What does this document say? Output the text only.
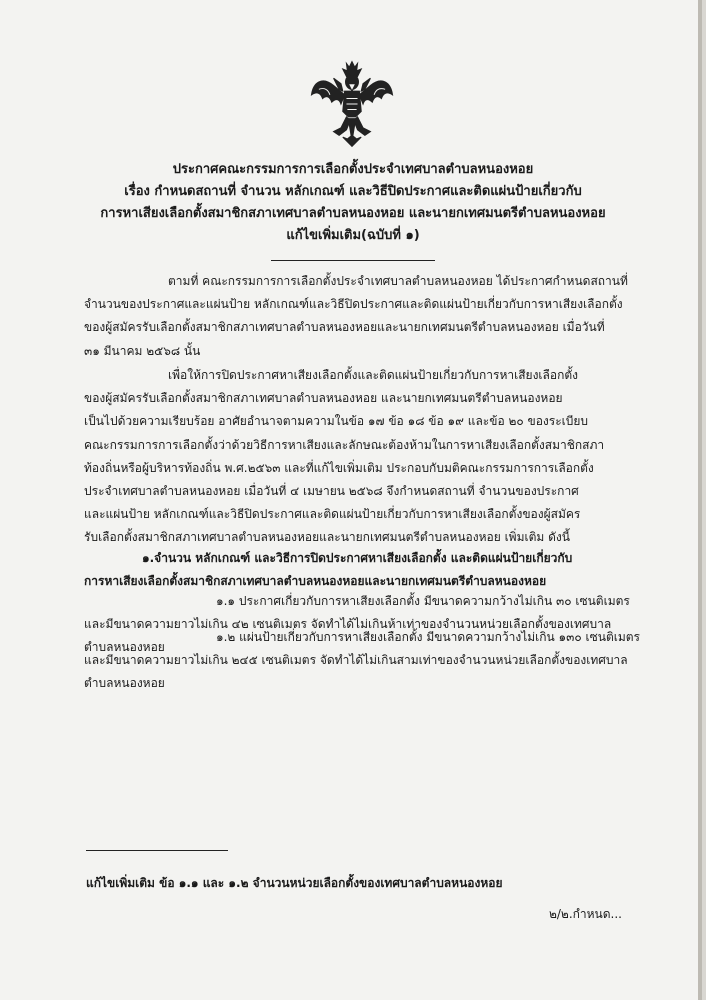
ประกาศคณะกรรมการการเลือกตั้งประจำเทศบาลตำบลหนองหอย
เรื่อง กำหนดสถานที่ จำนวน หลักเกณฑ์ และวิธีปิดประกาศและติดแผ่นป้ายเกี่ยวกับ
การหาเสียงเลือกตั้งสมาชิกสภาเทศบาลตำบลหนองหอย และนายกเทศมนตรีตำบลหนองหอย
แก้ไขเพิ่มเติม(ฉบับที่ ๑)

ตามที่ คณะกรรมการการเลือกตั้งประจำเทศบาลตำบลหนองหอย ได้ประกาศกำหนดสถานที่

จำนวนของประกาศและแผ่นป้าย หลักเกณฑ์และวิธีปิดประกาศและติดแผ่นป้ายเกี่ยวกับการหาเสียงเลือกตั้ง

ของผู้สมัครรับเลือกตั้งสมาชิกสภาเทศบาลตำบลหนองหอยและนายกเทศมนตรีตำบลหนองหอย เมื่อวันที่

๓๑ มีนาคม ๒๕๖๘ นั้น

เพื่อให้การปิดประกาศหาเสียงเลือกตั้งและติดแผ่นป้ายเกี่ยวกับการหาเสียงเลือกตั้ง

ของผู้สมัครรับเลือกตั้งสมาชิกสภาเทศบาลตำบลหนองหอย และนายกเทศมนตรีตำบลหนองหอย

เป็นไปด้วยความเรียบร้อย อาศัยอำนาจตามความในข้อ ๑๗ ข้อ ๑๘ ข้อ ๑๙ และข้อ ๒๐ ของระเบียบ

คณะกรรมการการเลือกตั้งว่าด้วยวิธีการหาเสียงและลักษณะต้องห้ามในการหาเสียงเลือกตั้งสมาชิกสภา

ท้องถิ่นหรือผู้บริหารท้องถิ่น พ.ศ.๒๕๖๓ และที่แก้ไขเพิ่มเติม ประกอบกับมติคณะกรรมการการเลือกตั้ง

ประจำเทศบาลตำบลหนองหอย เมื่อวันที่ ๔ เมษายน ๒๕๖๘ จึงกำหนดสถานที่ จำนวนของประกาศ

และแผ่นป้าย หลักเกณฑ์และวิธีปิดประกาศและติดแผ่นป้ายเกี่ยวกับการหาเสียงเลือกตั้งของผู้สมัคร

รับเลือกตั้งสมาชิกสภาเทศบาลตำบลหนองหอยและนายกเทศมนตรีตำบลหนองหอย เพิ่มเติม ดังนี้

๑.จำนวน หลักเกณฑ์ และวิธีการปิดประกาศหาเสียงเลือกตั้ง และติดแผ่นป้ายเกี่ยวกับ

การหาเสียงเลือกตั้งสมาชิกสภาเทศบาลตำบลหนองหอยและนายกเทศมนตรีตำบลหนองหอย

๑.๑ ประกาศเกี่ยวกับการหาเสียงเลือกตั้ง มีขนาดความกว้างไม่เกิน ๓๐ เซนติเมตร

และมีขนาดความยาวไม่เกิน ๔๒ เซนติเมตร จัดทำได้ไม่เกินห้าเท่าของจำนวนหน่วยเลือกตั้งของเทศบาล

ตำบลหนองหอย

๑.๒ แผ่นป้ายเกี่ยวกับการหาเสียงเลือกตั้ง มีขนาดความกว้างไม่เกิน ๑๓๐ เซนติเมตร

และมีขนาดความยาวไม่เกิน ๒๔๕ เซนติเมตร จัดทำได้ไม่เกินสามเท่าของจำนวนหน่วยเลือกตั้งของเทศบาล

ตำบลหนองหอย

แก้ไขเพิ่มเติม ข้อ ๑.๑ และ ๑.๒ จำนวนหน่วยเลือกตั้งของเทศบาลตำบลหนองหอย
๒/๒.กำหนด...
